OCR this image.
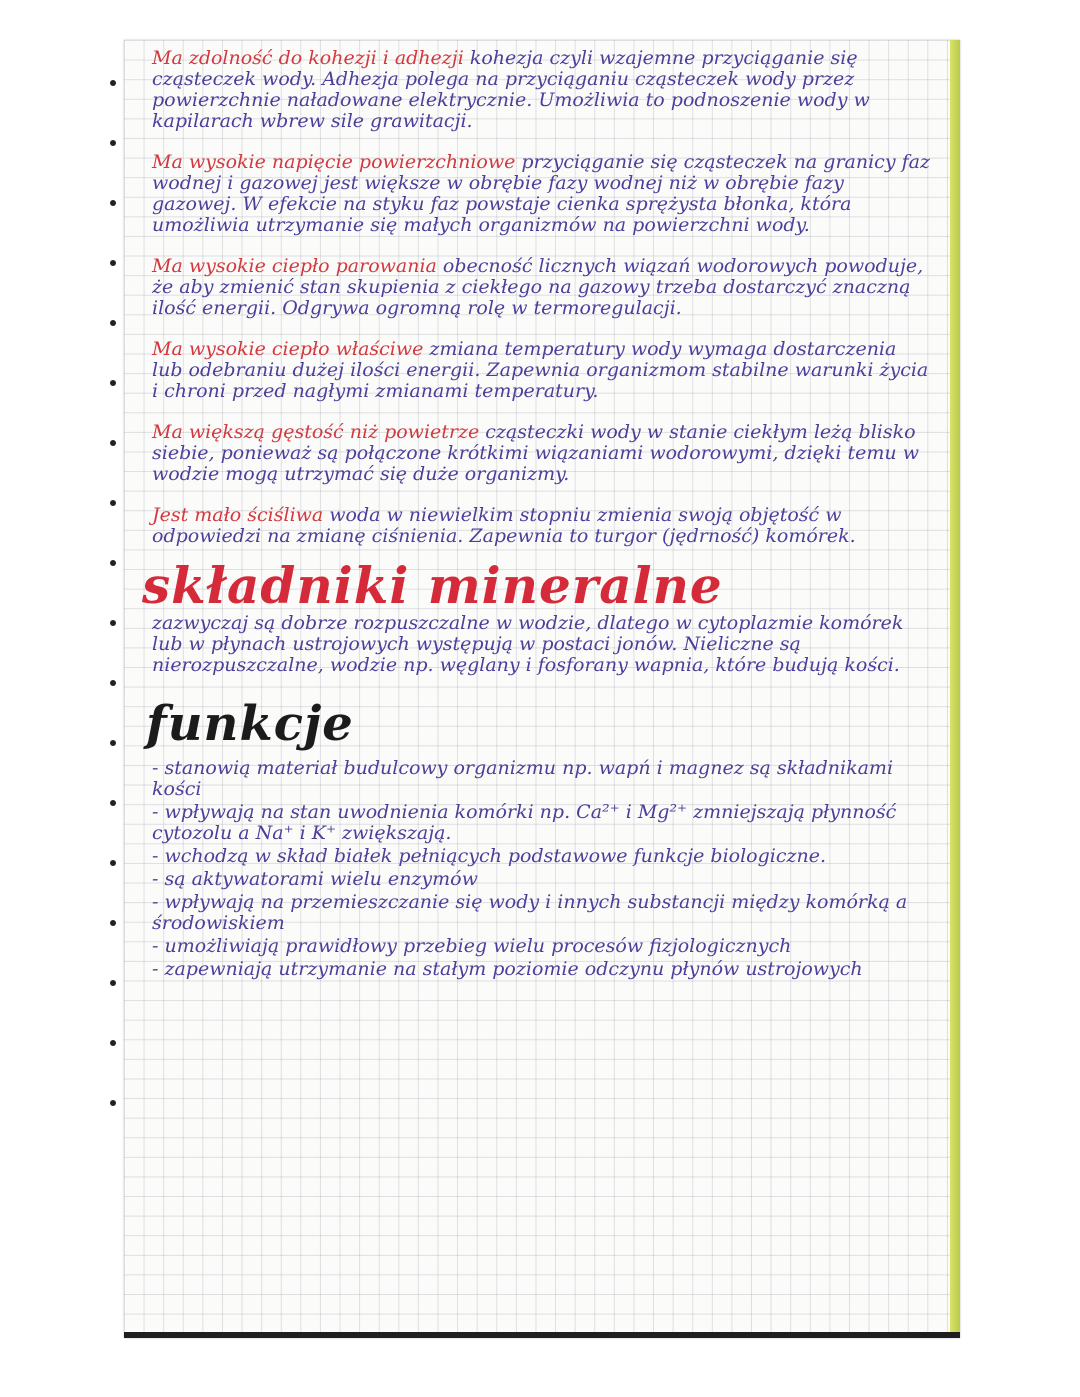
Ma zdolność do kohezji i adhezji kohezja czyli wzajemne przyciąganie się cząsteczek wody. Adhezja polega na przyciąganiu cząsteczek wody przez powierzchnie naładowane elektrycznie. Umożliwia to podnoszenie wody w kapilarach wbrew sile grawitacji.

Ma wysokie napięcie powierzchniowe przyciąganie się cząsteczek na granicy faz wodnej i gazowej jest większe w obrębie fazy wodnej niż w obrębie fazy gazowej. W efekcie na styku faz powstaje cienka sprężysta błonka, która umożliwia utrzymanie się małych organizmów na powierzchni wody.

Ma wysokie ciepło parowania obecność licznych wiązań wodorowych powoduje, że aby zmienić stan skupienia z ciekłego na gazowy trzeba dostarczyć znaczną ilość energii. Odgrywa ogromną rolę w termoregulacji.

Ma wysokie ciepło właściwe zmiana temperatury wody wymaga dostarczenia lub odebraniu dużej ilości energii. Zapewnia organizmom stabilne warunki życia i chroni przed nagłymi zmianami temperatury.

Ma większą gęstość niż powietrze cząsteczki wody w stanie ciekłym leżą blisko siebie, ponieważ są połączone krótkimi wiązaniami wodorowymi, dzięki temu w wodzie mogą utrzymać się duże organizmy.

Jest mało ściśliwa woda w niewielkim stopniu zmienia swoją objętość w odpowiedzi na zmianę ciśnienia. Zapewnia to turgor (jędrność) komórek.

składniki mineralne

zazwyczaj są dobrze rozpuszczalne w wodzie, dlatego w cytoplazmie komórek lub w płynach ustrojowych występują w postaci jonów. Nieliczne są nierozpuszczalne, wodzie np. węglany i fosforany wapnia, które budują kości.

funkcje
- stanowią materiał budulcowy organizmu np. wapń i magnez są składnikami kości
- wpływają na stan uwodnienia komórki np. Ca²⁺ i Mg²⁺ zmniejszają płynność cytozolu a Na⁺ i K⁺ zwiększają.
- wchodzą w skład białek pełniących podstawowe funkcje biologiczne.
- są aktywatorami wielu enzymów
- wpływają na przemieszczanie się wody i innych substancji między komórką a środowiskiem
- umożliwiają prawidłowy przebieg wielu procesów fizjologicznych
- zapewniają utrzymanie na stałym poziomie odczynu płynów ustrojowych
